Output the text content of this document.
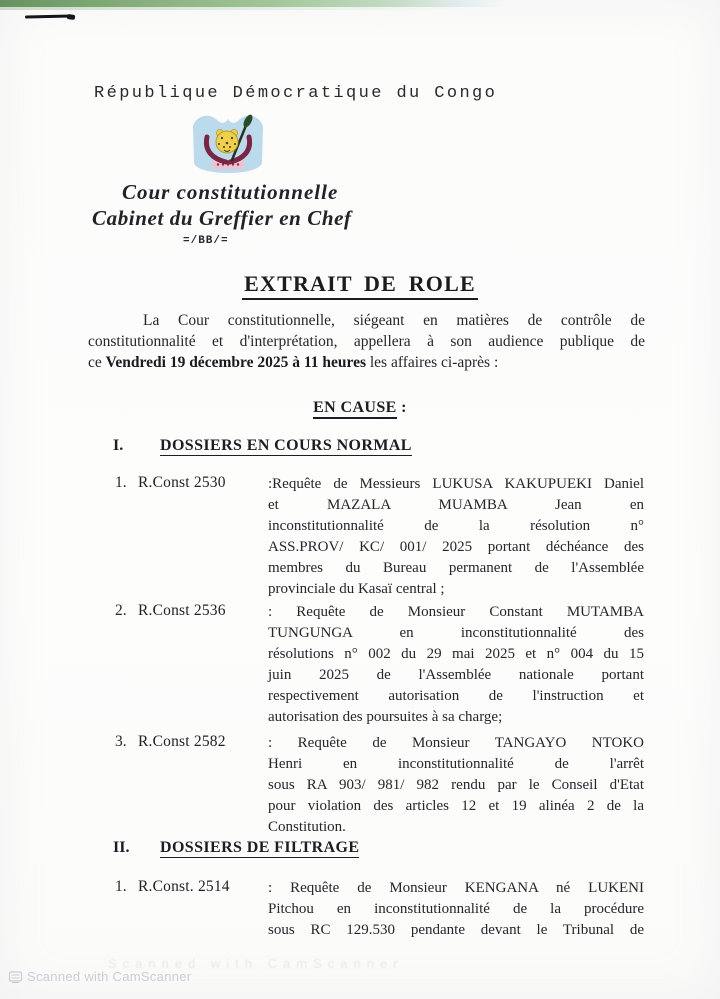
République Démocratique du Congo
Cour constitutionnelle
Cabinet du Greffier en Chef
=/BB/=
EXTRAIT DE ROLE
La Cour constitutionnelle, siégeant en matières de contrôle de
constitutionnalité et d'interprétation, appellera à son audience publique de
ce Vendredi 19 décembre 2025 à 11 heures les affaires ci-après :
EN CAUSE :
I. DOSSIERS EN COURS NORMAL
1. R.Const 2530	:Requête de Messieurs LUKUSA KAKUPUEKI Daniel
et MAZALA MUAMBA Jean en
inconstitutionnalité de la résolution n°
ASS.PROV/ KC/ 001/ 2025 portant déchéance des
membres du Bureau permanent de l'Assemblée
provinciale du Kasaï central ;
2. R.Const 2536	: Requête de Monsieur Constant MUTAMBA
TUNGUNGA en inconstitutionnalité des
résolutions n° 002 du 29 mai 2025 et n° 004 du 15
juin 2025 de l'Assemblée nationale portant
respectivement autorisation de l'instruction et
autorisation des poursuites à sa charge;
3. R.Const 2582	: Requête de Monsieur TANGAYO NTOKO
Henri en inconstitutionnalité de l'arrêt
sous RA 903/ 981/ 982 rendu par le Conseil d'Etat
pour violation des articles 12 et 19 alinéa 2 de la
Constitution.
II. DOSSIERS DE FILTRAGE
1. R.Const. 2514	: Requête de Monsieur KENGANA né LUKENI
Pitchou en inconstitutionnalité de la procédure
sous RC 129.530 pendante devant le Tribunal de
Scanned with CamScanner
Scanned with CamScanner
